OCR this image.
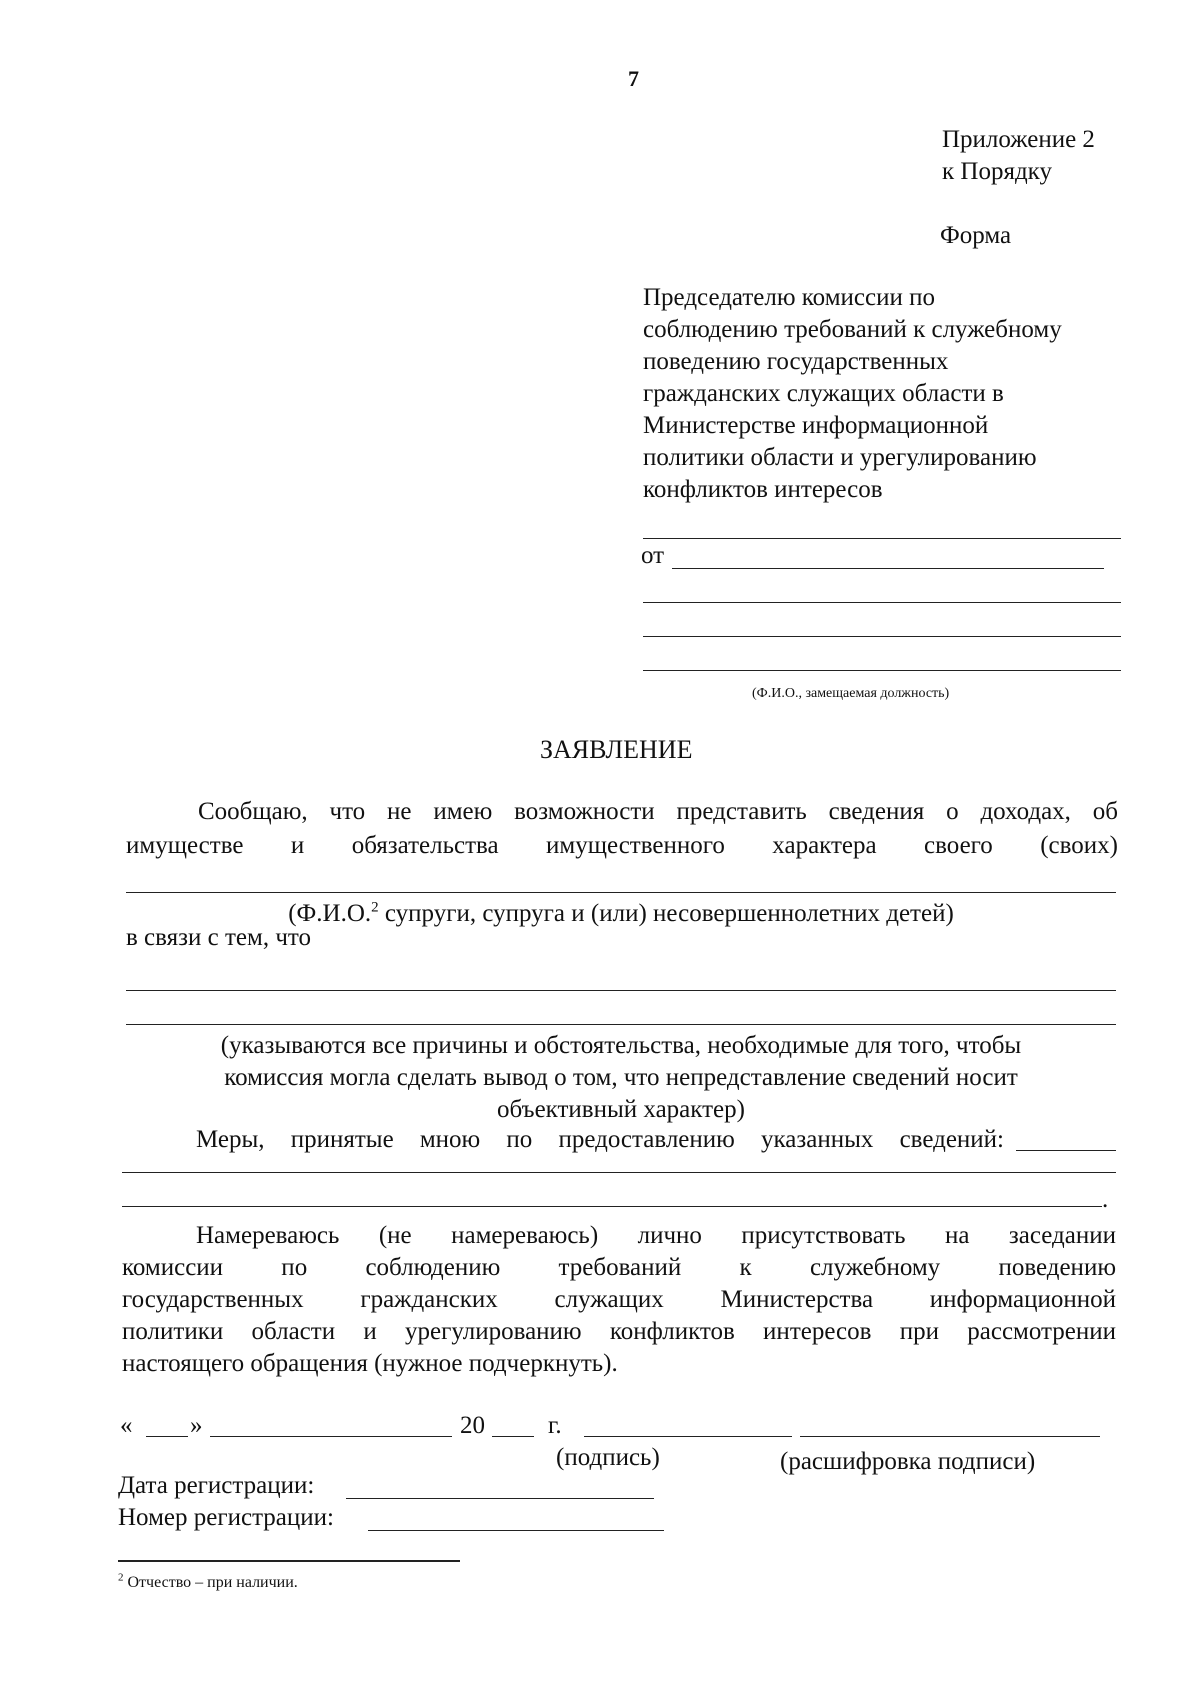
7
Приложение 2
к Порядку
Форма
Председателю комиссии по
соблюдению требований к служебному
поведению государственных
гражданских служащих области в
Министерстве информационной
политики области и урегулированию
конфликтов интересов
от
(Ф.И.О., замещаемая должность)
ЗАЯВЛЕНИЕ
Сообщаю, что не имею возможности представить сведения о доходах, об
имуществе и обязательства имущественного характера своего (своих)
(Ф.И.О.$^2$ супруги, супруга и (или) несовершеннолетних детей)
в связи с тем, что
(указываются все причины и обстоятельства, необходимые для того, чтобы
комиссия могла сделать вывод о том, что непредставление сведений носит
объективный характер)
Меры, принятые мною по предоставлению указанных сведений:
.
Намереваюсь (не намереваюсь) лично присутствовать на заседании
комиссии по соблюдению требований к служебному поведению
государственных гражданских служащих Министерства информационной
политики области и урегулированию конфликтов интересов при рассмотрении
настоящего обращения (нужное подчеркнуть).
« »	20	г.
(подпись)	(расшифровка подписи)
Дата регистрации:
Номер регистрации:
$^2$ Отчество – при наличии.
